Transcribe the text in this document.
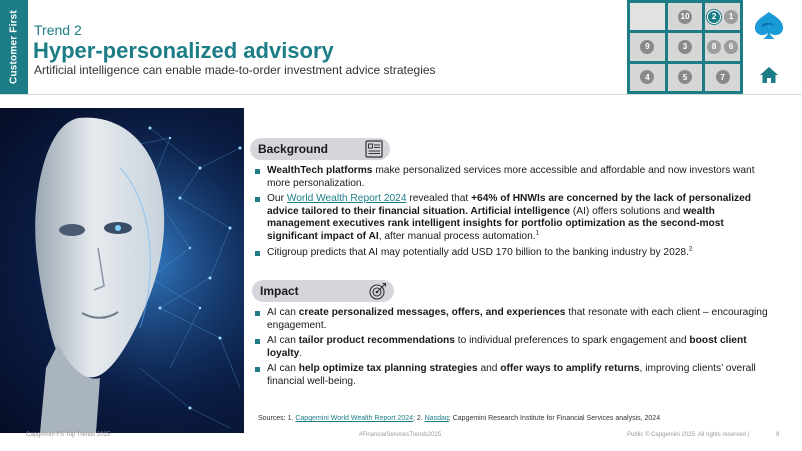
Customer First Trend 2
Hyper-personalized advisory
Artificial intelligence can enable made-to-order investment advice strategies
10	2	1
9	3	8	6
4	5	7
Background
WealthTech platforms make personalized services more accessible and affordable and now investors want more personalization.
Our World Wealth Report 2024 revealed that +64% of HNWIs are concerned by the lack of personalized advice tailored to their financial situation. Artificial intelligence (AI) offers solutions and wealth management executives rank intelligent insights for portfolio optimization as the second-most significant impact of AI, after manual process automation.$^1$
Citigroup predicts that AI may potentially add USD 170 billion to the banking industry by 2028.$^2$
Impact
AI can create personalized messages, offers, and experiences that resonate with each client – encouraging engagement.
AI can tailor product recommendations to individual preferences to spark engagement and boost client loyalty.
AI can help optimize tax planning strategies and offer ways to amplify returns, improving clients’ overall financial well-being.
Sources: 1. Capgemini World Wealth Report 2024; 2. Nasdaq; Capgemini Research Institute for Financial Services analysis, 2024
Capgemini FS Top Trends 2025	#FinancialServicesTrends2025	Public © Capgemini 2025. All rights reserved |	8
